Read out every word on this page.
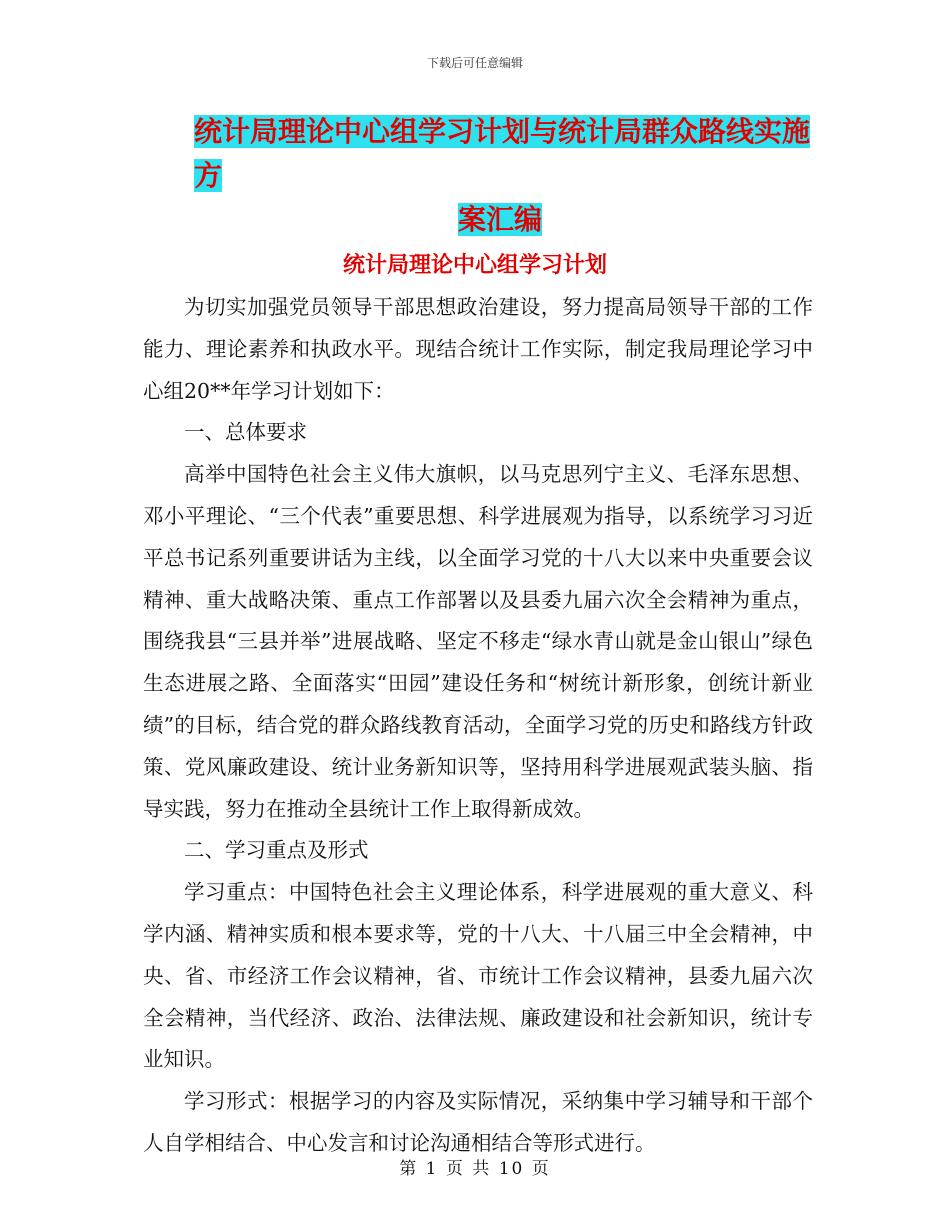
下载后可任意编辑
统计局理论中心组学习计划与统计局群众路线实施方
案汇编
统计局理论中心组学习计划

为切实加强党员领导干部思想政治建设，努力提高局领导干部的工作能力、理论素养和执政水平。现结合统计工作实际，制定我局理论学习中心组20**年学习计划如下：

一、总体要求

高举中国特色社会主义伟大旗帜，以马克思列宁主义、毛泽东思想、邓小平理论、“三个代表”重要思想、科学进展观为指导，以系统学习习近平总书记系列重要讲话为主线，以全面学习党的十八大以来中央重要会议精神、重大战略决策、重点工作部署以及县委九届六次全会精神为重点，围绕我县“三县并举”进展战略、坚定不移走“绿水青山就是金山银山”绿色生态进展之路、全面落实“田园”建设任务和“树统计新形象，创统计新业绩”的目标，结合党的群众路线教育活动，全面学习党的历史和路线方针政策、党风廉政建设、统计业务新知识等，坚持用科学进展观武装头脑、指导实践，努力在推动全县统计工作上取得新成效。

二、学习重点及形式

学习重点：中国特色社会主义理论体系，科学进展观的重大意义、科学内涵、精神实质和根本要求等，党的十八大、十八届三中全会精神，中央、省、市经济工作会议精神，省、市统计工作会议精神，县委九届六次全会精神，当代经济、政治、法律法规、廉政建设和社会新知识，统计专业知识。

学习形式：根据学习的内容及实际情况，采纳集中学习辅导和干部个人自学相结合、中心发言和讨论沟通相结合等形式进行。

第 1 页 共 10 页
